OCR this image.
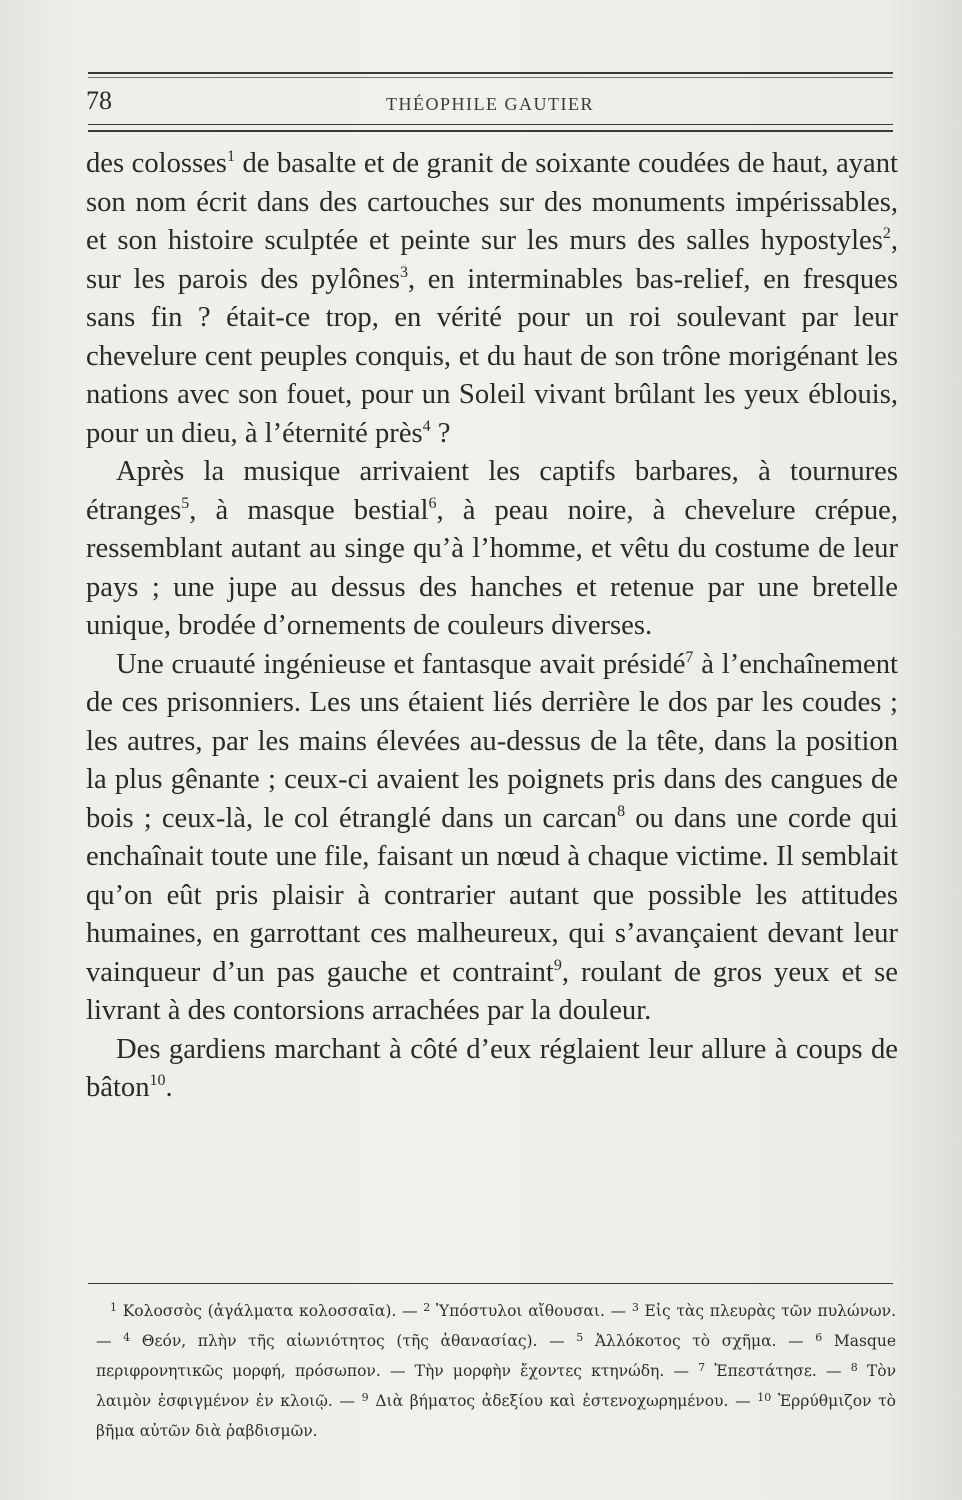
78	THÉOPHILE GAUTIER

des colosses$^1$ de basalte et de granit de soixante coudées de haut, ayant son nom écrit dans des cartouches sur des monuments impérissables, et son histoire sculptée et peinte sur les murs des salles hypostyles$^2$, sur les parois des pylônes$^3$, en interminables bas-relief, en fresques sans fin ? était-ce trop, en vérité pour un roi soulevant par leur chevelure cent peuples conquis, et du haut de son trône morigénant les nations avec son fouet, pour un Soleil vivant brûlant les yeux éblouis, pour un dieu, à l’éternité près$^4$ ?

Après la musique arrivaient les captifs barbares, à tournures étranges$^5$, à masque bestial$^6$, à peau noire, à chevelure crépue, ressemblant autant au singe qu’à l’homme, et vêtu du costume de leur pays ; une jupe au dessus des hanches et retenue par une bretelle unique, brodée d’ornements de couleurs diverses.

Une cruauté ingénieuse et fantasque avait présidé$^7$ à l’enchaînement de ces prisonniers. Les uns étaient liés derrière le dos par les coudes ; les autres, par les mains élevées au-dessus de la tête, dans la position la plus gênante ; ceux-ci avaient les poignets pris dans des cangues de bois ; ceux-là, le col étranglé dans un carcan$^8$ ou dans une corde qui enchaînait toute une file, faisant un nœud à chaque victime. Il semblait qu’on eût pris plaisir à contrarier autant que possible les attitudes humaines, en garrottant ces malheureux, qui s’avançaient devant leur vainqueur d’un pas gauche et contraint$^9$, roulant de gros yeux et se livrant à des contorsions arrachées par la douleur.

Des gardiens marchant à côté d’eux réglaient leur allure à coups de bâton$^{10}$.

$^1$ Κολοσσὸς (ἀγάλματα κολοσσαῖα). — $^2$ Ὑπόστυλοι αἴθουσαι. — $^3$ Εἰς τὰς πλευρὰς τῶν πυλώνων. — $^4$ Θεόν, πλὴν τῆς αἰωνιότητος (τῆς ἀθανασίας). — $^5$ Ἀλλόκοτος τὸ σχῆμα. — $^6$ Masque περιφρονητικῶς μορφή, πρόσωπον. — Τὴν μορφὴν ἔχοντες κτηνώδη. — $^7$ Ἐπεστάτησε. — $^8$ Τὸν λαιμὸν ἐσφιγμένον ἐν κλοιῷ. — $^9$ Διὰ βήματος ἀδεξίου καὶ ἐστενοχωρημένου. — $^{10}$ Ἐρρύθμιζον τὸ βῆμα αὐτῶν διὰ ῥαβδισμῶν.
